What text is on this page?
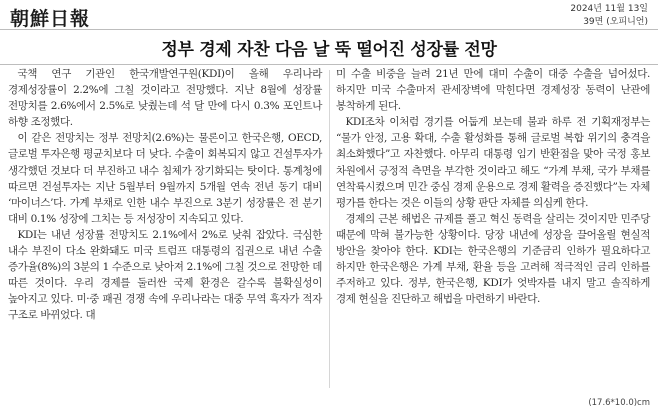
朝鮮日報	2024년 11월 13일
39면 (오피니언)
정부 경제 자찬 다음 날 뚝 떨어진 성장률 전망

국책 연구 기관인 한국개발연구원(KDI)이 올해 우리나라 경제성장률이 2.2%에 그칠 것이라고 전망했다. 지난 8월에 성장률 전망치를 2.6%에서 2.5%로 낮췄는데 석 달 만에 다시 0.3% 포인트나 하향 조정했다.

이 같은 전망치는 정부 전망치(2.6%)는 물론이고 한국은행, OECD, 글로벌 투자은행 평균치보다 더 낮다. 수출이 회복되지 않고 건설투자가 생각했던 것보다 더 부진하고 내수 침체가 장기화되는 탓이다. 통계청에 따르면 건설투자는 지난 5월부터 9월까지 5개월 연속 전년 동기 대비 ‘마이너스’다. 가계 부채로 인한 내수 부진으로 3분기 성장률은 전 분기 대비 0.1% 성장에 그치는 등 저성장이 지속되고 있다.

KDI는 내년 성장률 전망치도 2.1%에서 2%로 낮춰 잡았다. 극심한 내수 부진이 다소 완화돼도 미국 트럼프 대통령의 집권으로 내년 수출 증가율(8%)의 3분의 1 수준으로 낮아져 2.1%에 그칠 것으로 전망한 데 따른 것이다. 우리 경제를 둘러싼 국제 환경은 갈수록 불확실성이 높아지고 있다. 미·중 패권 경쟁 속에 우리나라는 대중 무역 흑자가 적자 구조로 바뀌었다. 대

미 수출 비중을 늘려 21년 만에 대미 수출이 대중 수출을 넘어섰다. 하지만 미국 수출마저 관세장벽에 막힌다면 경제성장 동력이 난관에 봉착하게 된다.

KDI조차 이처럼 경기를 어둡게 보는데 불과 하루 전 기획재정부는 “물가 안정, 고용 확대, 수출 활성화를 통해 글로벌 복합 위기의 충격을 최소화했다”고 자찬했다. 아무리 대통령 임기 반환점을 맞아 국정 홍보 차원에서 긍정적 측면을 부각한 것이라고 해도 “가계 부채, 국가 부채를 연착륙시켰으며 민간 중심 경제 운용으로 경제 활력을 증진했다”는 자체 평가를 한다는 것은 이들의 상황 판단 자체를 의심케 한다.

경제의 근본 해법은 규제를 풀고 혁신 동력을 살리는 것이지만 민주당 때문에 막혀 불가능한 상황이다. 당장 내년에 성장을 끌어올릴 현실적 방안을 찾아야 한다. KDI는 한국은행의 기준금리 인하가 필요하다고 하지만 한국은행은 가계 부채, 환율 등을 고려해 적극적인 금리 인하를 주저하고 있다. 정부, 한국은행, KDI가 엇박자를 내지 말고 솔직하게 경제 현실을 진단하고 해법을 마련하기 바란다.

(17.6*10.0)cm
